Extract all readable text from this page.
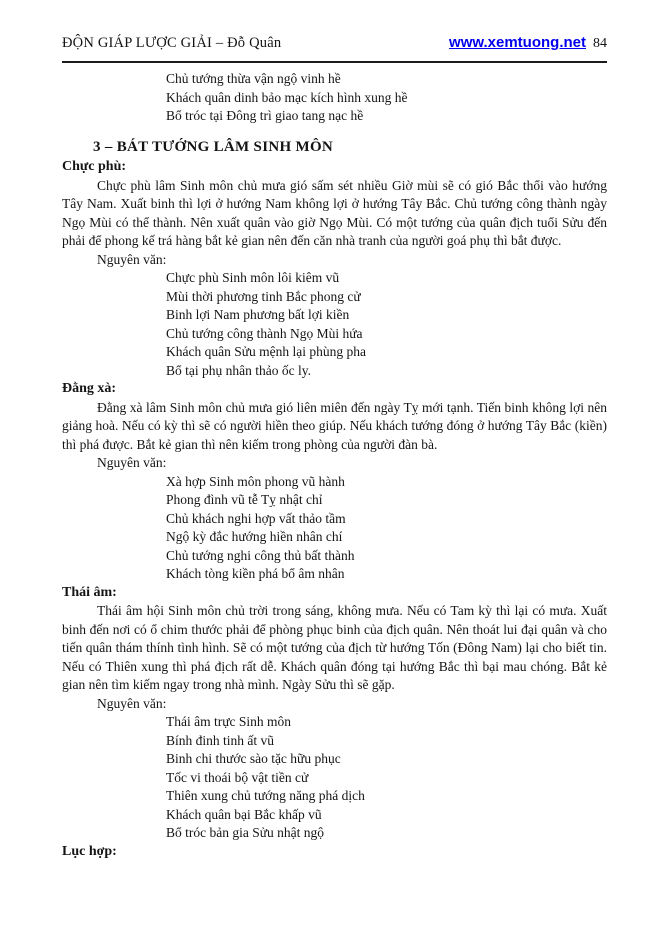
ĐỘN GIÁP LƯỢC GIẢI – Đỗ Quân	www.xemtuong.net 84
Chủ tướng thừa vận ngộ vinh hề
Khách quân dinh bảo mạc kích hình xung hề
Bổ tróc tại Đông trì giao tang nạc hề
3 – BÁT TƯỚNG LÂM SINH MÔN
Chực phù:

Chực phù lâm Sinh môn chủ mưa gió sấm sét nhiều Giờ mùi sẽ có gió Bắc thổi vào hướng Tây Nam. Xuất binh thì lợi ở hướng Nam không lợi ở hướng Tây Bắc. Chủ tướng công thành ngày Ngọ Mùi có thể thành. Nên xuất quân vào giờ Ngọ Mùi. Có một tướng của quân địch tuổi Sửu đến phải để phong kế trá hàng bắt kẻ gian nên đến căn nhà tranh của người goá phụ thì bắt được.

Nguyên văn:
Chực phù Sinh môn lôi kiêm vũ
Mùi thời phương tinh Bắc phong cử
Binh lợi Nam phương bất lợi kiền
Chủ tướng công thành Ngọ Mùi hứa
Khách quân Sửu mệnh lại phùng pha
Bổ tại phụ nhân thảo ốc ly.
Đằng xà:

Đằng xà lâm Sinh môn chủ mưa gió liên miên đến ngày Tỵ mới tạnh. Tiến binh không lợi nên giảng hoà. Nếu có kỳ thì sẽ có người hiền theo giúp. Nếu khách tướng đóng ở hướng Tây Bắc (kiền) thì phá được. Bắt kẻ gian thì nên kiếm trong phòng của người đàn bà.

Nguyên văn:
Xà hợp Sinh môn phong vũ hành
Phong đình vũ tễ Tỵ nhật chỉ
Chủ khách nghi hợp vất thảo tầm
Ngộ kỳ đắc hướng hiền nhân chí
Chủ tướng nghi công thủ bất thành
Khách tòng kiền phá bổ âm nhân
Thái âm:

Thái âm hội Sinh môn chủ trời trong sáng, không mưa. Nếu có Tam kỳ thì lại có mưa. Xuất binh đến nơi có ổ chim thước phải để phòng phục binh của địch quân. Nên thoát lui đại quân và cho tiến quân thám thính tình hình. Sẽ có một tướng của địch từ hướng Tốn (Đông Nam) lại cho biết tin. Nếu có Thiên xung thì phá địch rất dễ. Khách quân đóng tại hướng Bắc thì bại mau chóng. Bắt kẻ gian nên tìm kiếm ngay trong nhà mình. Ngày Sửu thì sẽ gặp.

Nguyên văn:
Thái âm trực Sinh môn
Bính đinh tinh ất vũ
Binh chi thước sào tặc hữu phục
Tốc vi thoái bộ vật tiền cử
Thiên xung chủ tướng năng phá dịch
Khách quân bại Bắc khấp vũ
Bổ tróc bản gia Sửu nhật ngộ
Lục hợp:
